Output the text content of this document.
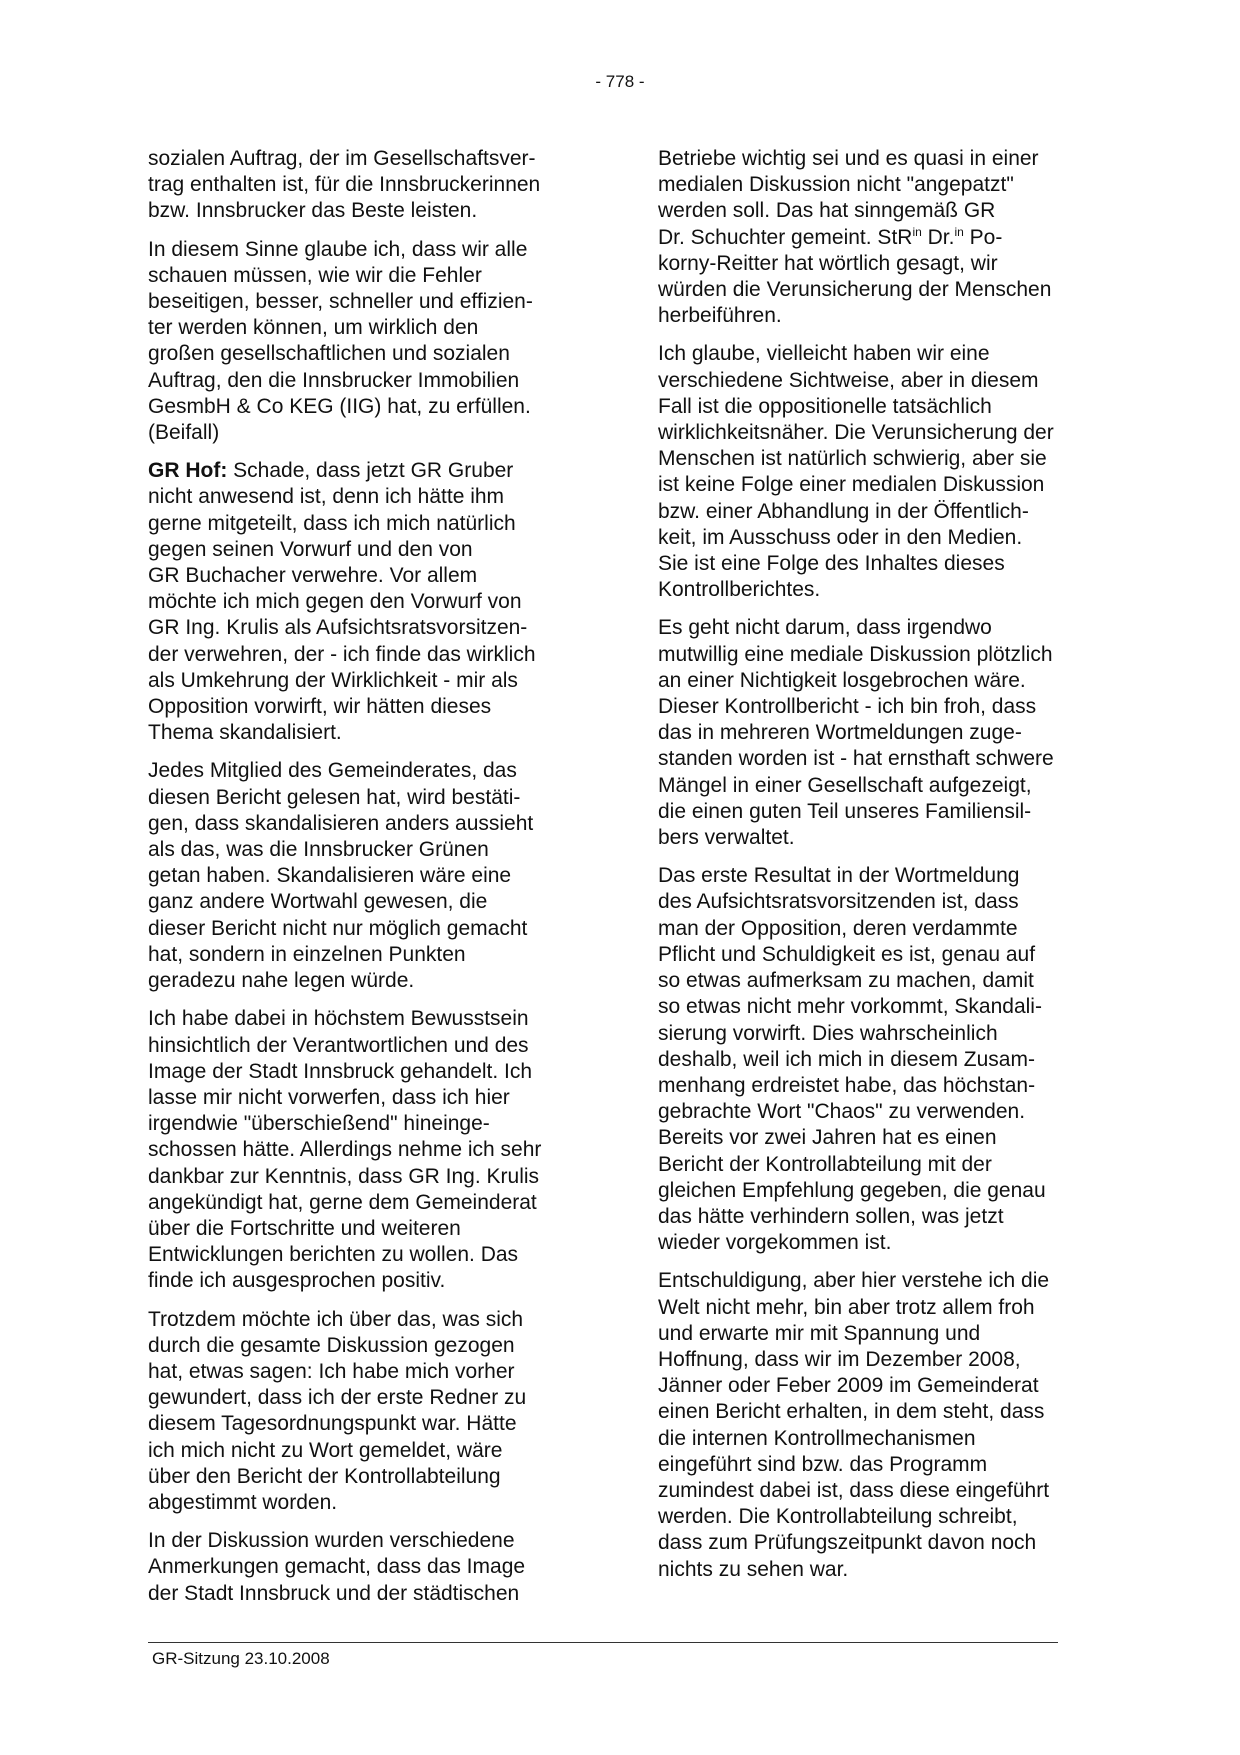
- 778 -

sozialen Auftrag, der im Gesellschaftsver-
trag enthalten ist, für die Innsbruckerinnen
bzw. Innsbrucker das Beste leisten.

In diesem Sinne glaube ich, dass wir alle
schauen müssen, wie wir die Fehler
beseitigen, besser, schneller und effizien-
ter werden können, um wirklich den
großen gesellschaftlichen und sozialen
Auftrag, den die Innsbrucker Immobilien
GesmbH & Co KEG (IIG) hat, zu erfüllen.
(Beifall)

GR Hof: Schade, dass jetzt GR Gruber
nicht anwesend ist, denn ich hätte ihm
gerne mitgeteilt, dass ich mich natürlich
gegen seinen Vorwurf und den von
GR Buchacher verwehre. Vor allem
möchte ich mich gegen den Vorwurf von
GR Ing. Krulis als Aufsichtsratsvorsitzen-
der verwehren, der - ich finde das wirklich
als Umkehrung der Wirklichkeit - mir als
Opposition vorwirft, wir hätten dieses
Thema skandalisiert.

Jedes Mitglied des Gemeinderates, das
diesen Bericht gelesen hat, wird bestäti-
gen, dass skandalisieren anders aussieht
als das, was die Innsbrucker Grünen
getan haben. Skandalisieren wäre eine
ganz andere Wortwahl gewesen, die
dieser Bericht nicht nur möglich gemacht
hat, sondern in einzelnen Punkten
geradezu nahe legen würde.

Ich habe dabei in höchstem Bewusstsein
hinsichtlich der Verantwortlichen und des
Image der Stadt Innsbruck gehandelt. Ich
lasse mir nicht vorwerfen, dass ich hier
irgendwie "überschießend" hineinge-
schossen hätte. Allerdings nehme ich sehr
dankbar zur Kenntnis, dass GR Ing. Krulis
angekündigt hat, gerne dem Gemeinderat
über die Fortschritte und weiteren
Entwicklungen berichten zu wollen. Das
finde ich ausgesprochen positiv.

Trotzdem möchte ich über das, was sich
durch die gesamte Diskussion gezogen
hat, etwas sagen: Ich habe mich vorher
gewundert, dass ich der erste Redner zu
diesem Tagesordnungspunkt war. Hätte
ich mich nicht zu Wort gemeldet, wäre
über den Bericht der Kontrollabteilung
abgestimmt worden.

In der Diskussion wurden verschiedene
Anmerkungen gemacht, dass das Image
der Stadt Innsbruck und der städtischen

Betriebe wichtig sei und es quasi in einer
medialen Diskussion nicht "angepatzt"
werden soll. Das hat sinngemäß GR
Dr. Schuchter gemeint. StR$^{in}$ Dr.$^{in}$ Po-
korny-Reitter hat wörtlich gesagt, wir
würden die Verunsicherung der Menschen
herbeiführen.

Ich glaube, vielleicht haben wir eine
verschiedene Sichtweise, aber in diesem
Fall ist die oppositionelle tatsächlich
wirklichkeitsnäher. Die Verunsicherung der
Menschen ist natürlich schwierig, aber sie
ist keine Folge einer medialen Diskussion
bzw. einer Abhandlung in der Öffentlich-
keit, im Ausschuss oder in den Medien.
Sie ist eine Folge des Inhaltes dieses
Kontrollberichtes.

Es geht nicht darum, dass irgendwo
mutwillig eine mediale Diskussion plötzlich
an einer Nichtigkeit losgebrochen wäre.
Dieser Kontrollbericht - ich bin froh, dass
das in mehreren Wortmeldungen zuge-
standen worden ist - hat ernsthaft schwere
Mängel in einer Gesellschaft aufgezeigt,
die einen guten Teil unseres Familiensil-
bers verwaltet.

Das erste Resultat in der Wortmeldung
des Aufsichtsratsvorsitzenden ist, dass
man der Opposition, deren verdammte
Pflicht und Schuldigkeit es ist, genau auf
so etwas aufmerksam zu machen, damit
so etwas nicht mehr vorkommt, Skandali-
sierung vorwirft. Dies wahrscheinlich
deshalb, weil ich mich in diesem Zusam-
menhang erdreistet habe, das höchstan-
gebrachte Wort "Chaos" zu verwenden.
Bereits vor zwei Jahren hat es einen
Bericht der Kontrollabteilung mit der
gleichen Empfehlung gegeben, die genau
das hätte verhindern sollen, was jetzt
wieder vorgekommen ist.

Entschuldigung, aber hier verstehe ich die
Welt nicht mehr, bin aber trotz allem froh
und erwarte mir mit Spannung und
Hoffnung, dass wir im Dezember 2008,
Jänner oder Feber 2009 im Gemeinderat
einen Bericht erhalten, in dem steht, dass
die internen Kontrollmechanismen
eingeführt sind bzw. das Programm
zumindest dabei ist, dass diese eingeführt
werden. Die Kontrollabteilung schreibt,
dass zum Prüfungszeitpunkt davon noch
nichts zu sehen war.

GR-Sitzung 23.10.2008
